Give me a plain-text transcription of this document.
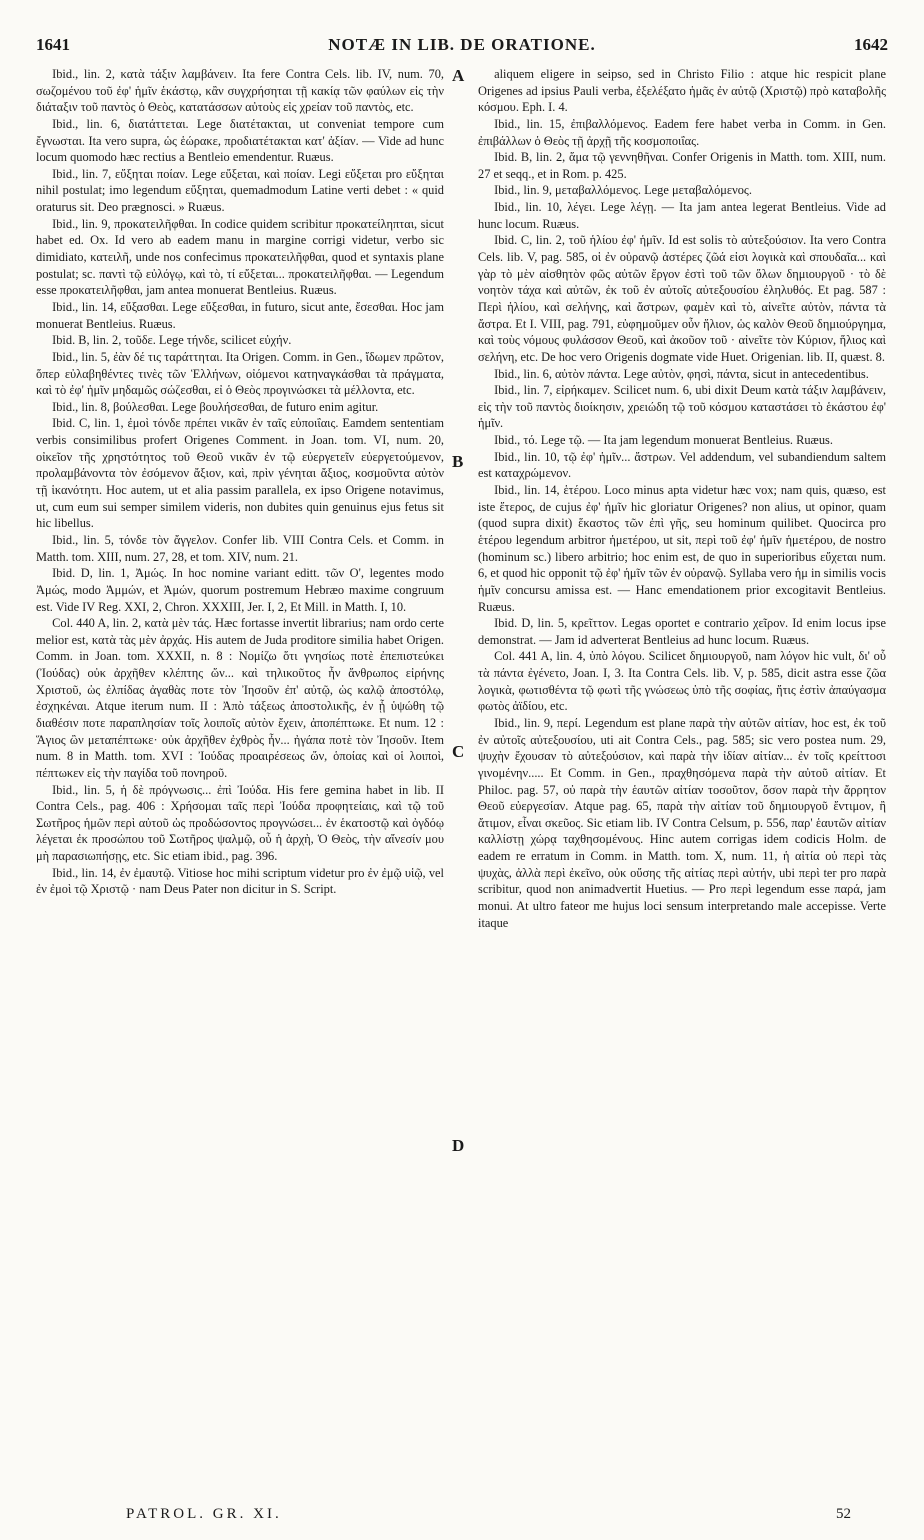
1641	NOTÆ IN LIB. DE ORATIONE.	1642

Ibid., lin. 2, κατὰ τάξιν λαμβάνειν. Ita fere Contra Cels. lib. IV, num. 70, σωζομένου τοῦ ἐφ' ἡμῖν ἑκάστῳ, κἂν συγχρήσηται τῇ κακίᾳ τῶν φαύλων εἰς τὴν διάταξιν τοῦ παντὸς ὁ Θεὸς, κατατάσσων αὐτοὺς εἰς χρείαν τοῦ παντὸς, etc.

Ibid., lin. 6, διατάττεται. Lege διατέτακται, ut conveniat tempore cum ἔγνωσται. Ita vero supra, ὡς ἑώρακε, προδιατέτακται κατ' ἀξίαν. — Vide ad hunc locum quomodo hæc rectius a Bentleio emendentur. Ruæus.

Ibid., lin. 7, εὔξηται ποίαν. Lege εὔξεται, καὶ ποίαν. Legi εὔξεται pro εὔξηται nihil postulat; imo legendum εὔξηται, quemadmodum Latine verti debet : « quid oraturus sit. Deo prægnosci. » Ruæus.

Ibid., lin. 9, προκατειλῆφθαι. In codice quidem scribitur προκατείληπται, sicut habet ed. Ox. Id vero ab eadem manu in margine corrigi videtur, verbo sic dimidiato, κατειλῆ, unde nos confecimus προκατειλῆφθαι, quod et syntaxis plane postulat; sc. παντὶ τῷ εὐλόγῳ, καὶ τὸ, τί εὔξεται... προκατειλῆφθαι. — Legendum esse προκατειλῆφθαι, jam antea monuerat Bentleius. Ruæus.

Ibid., lin. 14, εὔξασθαι. Lege εὔξεσθαι, in futuro, sicut ante, ἔσεσθαι. Hoc jam monuerat Bentleius. Ruæus.

Ibid. B, lin. 2, τοῦδε. Lege τήνδε, scilicet εὐχήν.

Ibid., lin. 5, ἐὰν δέ τις ταράττηται. Ita Origen. Comm. in Gen., ἴδωμεν πρῶτον, ὅπερ εὐλαβηθέντες τινὲς τῶν Ἑλλήνων, οἰόμενοι κατηναγκάσθαι τὰ πράγματα, καὶ τὸ ἐφ' ἡμῖν μηδαμῶς σώζεσθαι, εἰ ὁ Θεὸς προγινώσκει τὰ μέλλοντα, etc.

Ibid., lin. 8, βούλεσθαι. Lege βουλήσεσθαι, de futuro enim agitur.

Ibid. C, lin. 1, ἐμοὶ τόνδε πρέπει νικᾶν ἐν ταῖς εὐποιΐαις. Eamdem sententiam verbis consimilibus profert Origenes Comment. in Joan. tom. VI, num. 20, οἰκεῖον τῆς χρηστότητος τοῦ Θεοῦ νικᾶν ἐν τῷ εὐεργετεῖν εὐεργετούμενον, προλαμβάνοντα τὸν ἐσόμενον ἄξιον, καὶ, πρὶν γένηται ἄξιος, κοσμοῦντα αὐτὸν τῇ ἱκανότητι. Hoc autem, ut et alia passim parallela, ex ipso Origene notavimus, ut, cum eum sui semper similem videris, non dubites quin genuinus ejus fetus sit hic libellus.

Ibid., lin. 5, τόνδε τὸν ἄγγελον. Confer lib. VIII Contra Cels. et Comm. in Matth. tom. XIII, num. 27, 28, et tom. XIV, num. 21.

Ibid. D, lin. 1, Ἀμώς. In hoc nomine variant editt. τῶν Ο', legentes modo Ἀμώς, modo Ἀμμών, et Ἀμών, quorum postremum Hebræo maxime congruum est. Vide IV Reg. XXI, 2, Chron. XXXIII, Jer. I, 2, Et Mill. in Matth. I, 10.

Col. 440 A, lin. 2, κατὰ μὲν τάς. Hæc fortasse invertit librarius; nam ordo certe melior est, κατὰ τὰς μὲν ἀρχάς. His autem de Juda proditore similia habet Origen. Comm. in Joan. tom. XXXII, n. 8 : Νομίζω ὅτι γνησίως ποτὲ ἐπεπιστεύκει (Ἰούδας) οὐκ ἀρχῆθεν κλέπτης ὤν... καὶ τηλικοῦτος ἦν ἄνθρωπος εἰρήνης Χριστοῦ, ὡς ἐλπίδας ἀγαθὰς ποτε τὸν Ἰησοῦν ἐπ' αὐτῷ, ὡς καλῷ ἀποστόλῳ, ἐσχηκέναι. Atque iterum num. II : Ἀπὸ τάξεως ἀποστολικῆς, ἐν ᾗ ὑψώθη τῷ διαθέσιν ποτε παραπλησίαν τοῖς λοιποῖς αὐτὸν ἔχειν, ἀποπέπτωκε. Et num. 12 : Ἅγιος ὢν μεταπέπτωκε· οὐκ ἀρχῆθεν ἐχθρὸς ἦν... ἠγάπα ποτὲ τὸν Ἰησοῦν. Item num. 8 in Matth. tom. XVI : Ἰούδας προαιρέσεως ὤν, ὁποίας καὶ οἱ λοιποὶ, πέπτωκεν εἰς τὴν παγίδα τοῦ πονηροῦ.

Ibid., lin. 5, ἡ δὲ πρόγνωσις... ἐπὶ Ἰούδα. His fere gemina habet in lib. II Contra Cels., pag. 406 : Χρήσομαι ταῖς περὶ Ἰούδα προφητείαις, καὶ τῷ τοῦ Σωτῆρος ἡμῶν περὶ αὐτοῦ ὡς προδώσοντος προγνώσει... ἐν ἑκατοστῷ καὶ ὀγδόῳ λέγεται ἐκ προσώπου τοῦ Σωτῆρος ψαλμῷ, οὗ ἡ ἀρχὴ, Ὁ Θεὸς, τὴν αἴνεσίν μου μὴ παρασιωπήσῃς, etc. Sic etiam ibid., pag. 396.

Ibid., lin. 14, ἐν ἐμαυτῷ. Vitiose hoc mihi scriptum videtur pro ἐν ἐμῷ υἱῷ, vel ἐν ἐμοὶ τῷ Χριστῷ · nam Deus Pater non dicitur in S. Script.

A
B
C
D

aliquem eligere in seipso, sed in Christo Filio : atque hic respicit plane Origenes ad ipsius Pauli verba, ἐξελέξατο ἡμᾶς ἐν αὐτῷ (Χριστῷ) πρὸ καταβολῆς κόσμου. Eph. I. 4.

Ibid., lin. 15, ἐπιβαλλόμενος. Eadem fere habet verba in Comm. in Gen. ἐπιβάλλων ὁ Θεὸς τῇ ἀρχῇ τῆς κοσμοποιΐας.

Ibid. B, lin. 2, ἅμα τῷ γεννηθῆναι. Confer Origenis in Matth. tom. XIII, num. 27 et seqq., et in Rom. p. 425.

Ibid., lin. 9, μεταβαλλόμενος. Lege μεταβαλόμενος.

Ibid., lin. 10, λέγει. Lege λέγῃ. — Ita jam antea legerat Bentleius. Vide ad hunc locum. Ruæus.

Ibid. C, lin. 2, τοῦ ἡλίου ἐφ' ἡμῖν. Id est solis τὸ αὐτεξούσιον. Ita vero Contra Cels. lib. V, pag. 585, οἱ ἐν οὐρανῷ ἀστέρες ζῶά εἰσι λογικὰ καὶ σπουδαῖα... καὶ γὰρ τὸ μὲν αἰσθητὸν φῶς αὐτῶν ἔργον ἐστὶ τοῦ τῶν ὅλων δημιουργοῦ · τὸ δὲ νοητὸν τάχα καὶ αὐτῶν, ἐκ τοῦ ἐν αὐτοῖς αὐτεξουσίου ἐληλυθός. Et pag. 587 : Περὶ ἡλίου, καὶ σελήνης, καὶ ἄστρων, φαμὲν καὶ τὸ, αἰνεῖτε αὐτὸν, πάντα τὰ ἄστρα. Et I. VIII, pag. 791, εὐφημοῦμεν οὖν ἥλιον, ὡς καλὸν Θεοῦ δημιούργημα, καὶ τοὺς νόμους φυλάσσον Θεοῦ, καὶ ἀκοῦον τοῦ · αἰνεῖτε τὸν Κύριον, ἥλιος καὶ σελήνη, etc. De hoc vero Origenis dogmate vide Huet. Origenian. lib. II, quæst. 8.

Ibid., lin. 6, αὐτὸν πάντα. Lege αὐτὸν, φησὶ, πάντα, sicut in antecedentibus.

Ibid., lin. 7, εἰρήκαμεν. Scilicet num. 6, ubi dixit Deum κατὰ τάξιν λαμβάνειν, εἰς τὴν τοῦ παντὸς διοίκησιν, χρειώδη τῷ τοῦ κόσμου καταστάσει τὸ ἑκάστου ἐφ' ἡμῖν.

Ibid., τό. Lege τῷ. — Ita jam legendum monuerat Bentleius. Ruæus.

Ibid., lin. 10, τῷ ἐφ' ἡμῖν... ἄστρων. Vel addendum, vel subandiendum saltem est καταχρώμενον.

Ibid., lin. 14, ἑτέρου. Loco minus apta videtur hæc vox; nam quis, quæso, est iste ἕτερος, de cujus ἐφ' ἡμῖν hic gloriatur Origenes? non alius, ut opinor, quam (quod supra dixit) ἕκαστος τῶν ἐπὶ γῆς, seu hominum quilibet. Quocirca pro ἑτέρου legendum arbitror ἡμετέρου, ut sit, περὶ τοῦ ἐφ' ἡμῖν ἡμετέρου, de nostro (hominum sc.) libero arbitrio; hoc enim est, de quo in superioribus εὔχεται num. 6, et quod hic opponit τῷ ἐφ' ἡμῖν τῶν ἐν οὐρανῷ. Syllaba vero ἡμ in similis vocis ἡμῖν concursu amissa est. — Hanc emendationem prior excogitavit Bentleius. Ruæus.

Ibid. D, lin. 5, κρεῖττον. Legas oportet e contrario χεῖρον. Id enim locus ipse demonstrat. — Jam id adverterat Bentleius ad hunc locum. Ruæus.

Col. 441 A, lin. 4, ὑπὸ λόγου. Scilicet δημιουργοῦ, nam λόγον hic vult, δι' οὗ τὰ πάντα ἐγένετο, Joan. I, 3. Ita Contra Cels. lib. V, p. 585, dicit astra esse ζῶα λογικὰ, φωτισθέντα τῷ φωτὶ τῆς γνώσεως ὑπὸ τῆς σοφίας, ἥτις ἐστὶν ἀπαύγασμα φωτὸς ἀϊδίου, etc.

Ibid., lin. 9, περί. Legendum est plane παρὰ τὴν αὐτῶν αἰτίαν, hoc est, ἐκ τοῦ ἐν αὐτοῖς αὐτεξουσίου, uti ait Contra Cels., pag. 585; sic vero postea num. 29, ψυχὴν ἔχουσαν τὸ αὐτεξούσιον, καὶ παρὰ τὴν ἰδίαν αἰτίαν... ἐν τοῖς κρείττοσι γινομένην..... Et Comm. in Gen., πραχθησόμενα παρὰ τὴν αὐτοῦ αἰτίαν. Et Philoc. pag. 57, οὐ παρὰ τὴν ἑαυτῶν αἰτίαν τοσοῦτον, ὅσον παρὰ τὴν ἄρρητον Θεοῦ εὐεργεσίαν. Atque pag. 65, παρὰ τὴν αἰτίαν τοῦ δημιουργοῦ ἔντιμον, ἢ ἄτιμον, εἶναι σκεῦος. Sic etiam lib. IV Contra Celsum, p. 556, παρ' ἑαυτῶν αἰτίαν καλλίστῃ χώρᾳ ταχθησομένους. Hinc autem corrigas idem codicis Holm. de eadem re erratum in Comm. in Matth. tom. X, num. 11, ἡ αἰτία οὐ περὶ τὰς ψυχὰς, ἀλλὰ περὶ ἐκεῖνο, οὐκ οὔσης τῆς αἰτίας περὶ αὐτήν, ubi περὶ ter pro παρὰ scribitur, quod non animadvertit Huetius. — Pro περὶ legendum esse παρά, jam monui. At ultro fateor me hujus loci sensum interpretando male accepisse. Verte itaque

PATROL. GR. XI.	52
